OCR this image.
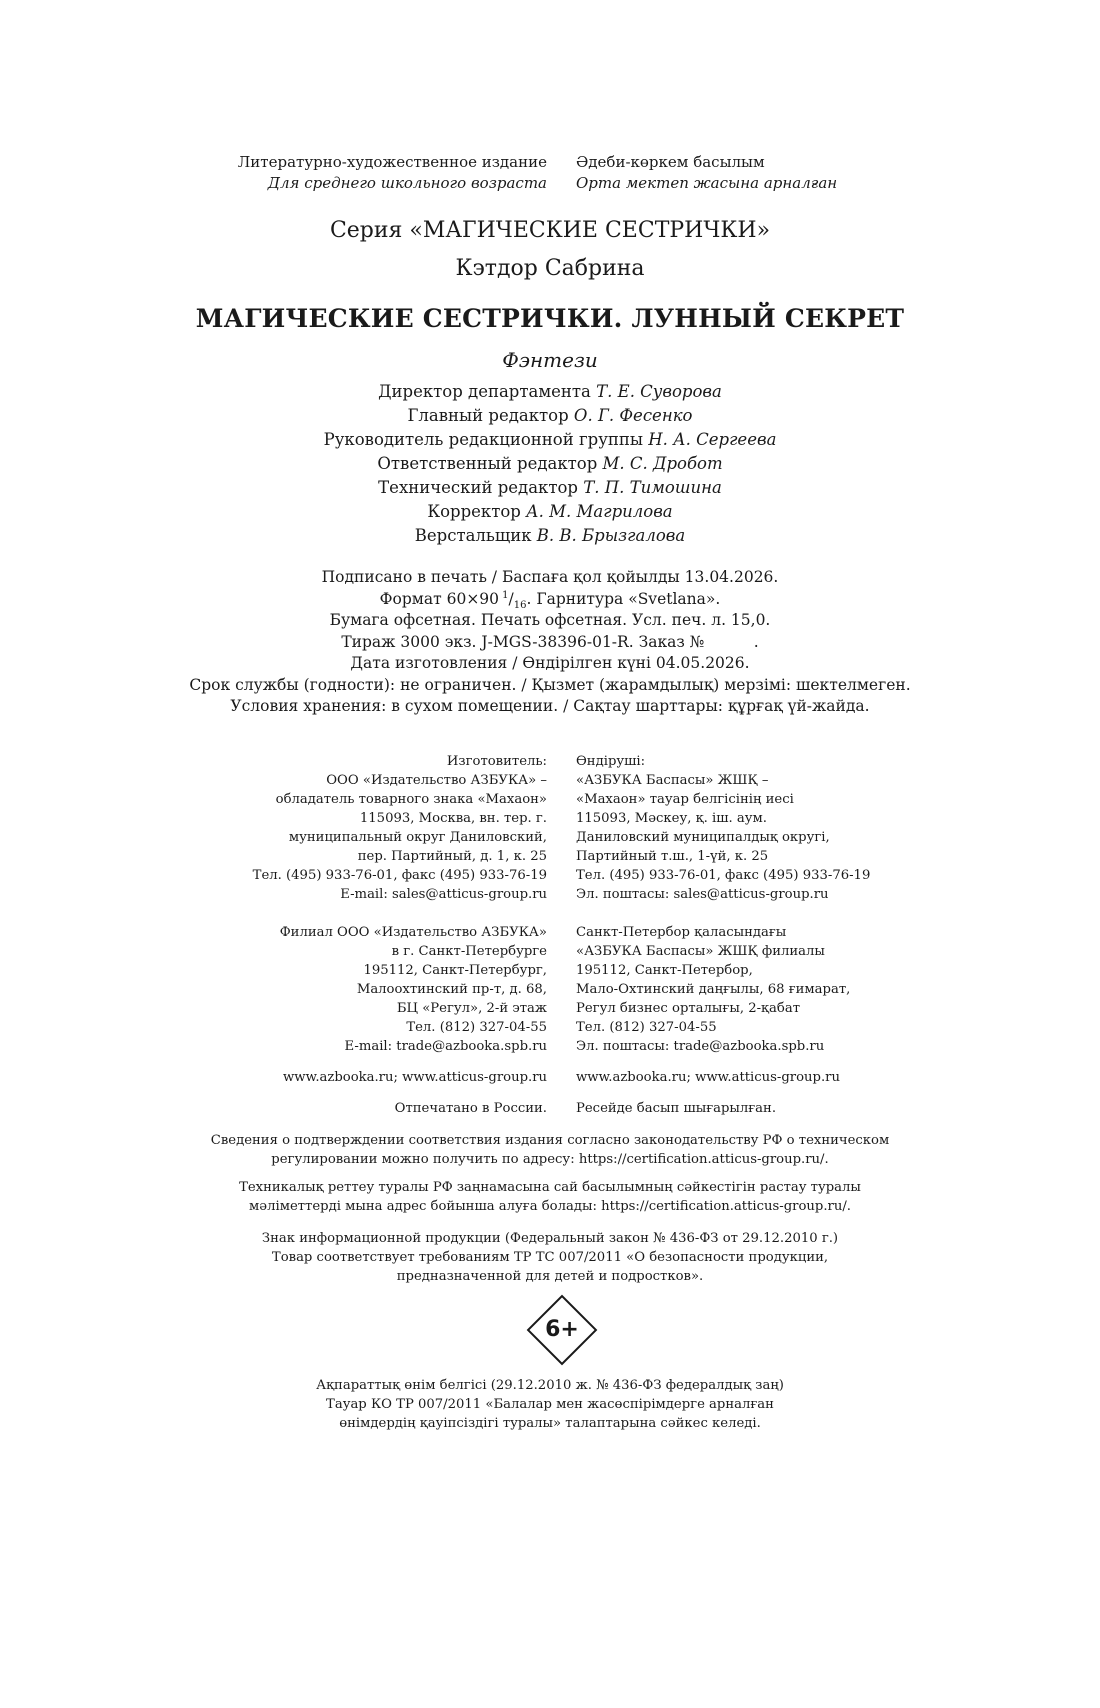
Литературно-художественное издание
Для среднего школьного возраста
Әдеби-көркем басылым
Орта мектеп жасына арналған
Серия «МАГИЧЕСКИЕ СЕСТРИЧКИ»
Кэтдор Сабрина
МАГИЧЕСКИЕ СЕСТРИЧКИ. ЛУННЫЙ СЕКРЕТ
Фэнтези
Директор департамента Т. Е. Суворова
Главный редактор О. Г. Фесенко
Руководитель редакционной группы Н. А. Сергеева
Ответственный редактор М. С. Дробот
Технический редактор Т. П. Тимошина
Корректор А. М. Магрилова
Верстальщик В. В. Брызгалова
Подписано в печать / Баспаға қол қойылды 13.04.2026.
Формат 60×90  $^1/_{16}$. Гарнитура «Svetlana».
Бумага офсетная. Печать офсетная. Усл. печ. л. 15,0.
Тираж 3000 экз. J-MGS-38396-01-R. Заказ №          .
Дата изготовления / Өндірілген күні 04.05.2026.
Срок службы (годности): не ограничен. / Қызмет (жарамдылық) мерзімі: шектелмеген.
Условия хранения: в сухом помещении. / Сақтау шарттары: құрғақ үй-жайда.
Изготовитель:
ООО «Издательство АЗБУКА» –
обладатель товарного знака «Махаон»
115093, Москва, вн. тер. г.
муниципальный округ Даниловский,
пер. Партийный, д. 1, к. 25
Тел. (495) 933-76-01, факс (495) 933-76-19
E-mail: sales@atticus-group.ru
Филиал ООО «Издательство АЗБУКА»
в г. Санкт-Петербурге
195112, Санкт-Петербург,
Малоохтинский пр-т, д. 68,
БЦ «Регул», 2-й этаж
Тел. (812) 327-04-55
E-mail: trade@azbooka.spb.ru
www.azbooka.ru; www.atticus-group.ru
Отпечатано в России.
Өндіруші:
«АЗБУКА Баспасы» ЖШҚ –
«Махаон» тауар белгісінің иесі
115093, Мәскеу, қ. іш. аум.
Даниловский муниципалдық округі,
Партийный т.ш., 1-үй, к. 25
Тел. (495) 933-76-01, факс (495) 933-76-19
Эл. поштасы: sales@atticus-group.ru
Санкт-Петербор қаласындағы
«АЗБУКА Баспасы» ЖШҚ филиалы
195112, Санкт-Петербор,
Мало-Охтинский даңғылы, 68 ғимарат,
Регул бизнес орталығы, 2-қабат
Тел. (812) 327-04-55
Эл. поштасы: trade@azbooka.spb.ru
www.azbooka.ru; www.atticus-group.ru
Ресейде басып шығарылған.
Сведения о подтверждении соответствия издания согласно законодательству РФ о техническом
регулировании можно получить по адресу: https://certification.atticus-group.ru/.
Техникалық реттеу туралы РФ заңнамасына сай басылымның сәйкестігін растау туралы
мәліметтерді мына адрес бойынша алуға болады: https://certification.atticus-group.ru/.
Знак информационной продукции (Федеральный закон № 436-ФЗ от 29.12.2010 г.)
Товар соответствует требованиям ТР ТС 007/2011 «О безопасности продукции,
предназначенной для детей и подростков».
6+
Ақпараттық өнім белгісі (29.12.2010 ж. № 436-ФЗ федералдық заң)
Тауар КО ТР 007/2011 «Балалар мен жасөспірімдерге арналған
өнімдердің қауіпсіздігі туралы» талаптарына сәйкес келеді.
